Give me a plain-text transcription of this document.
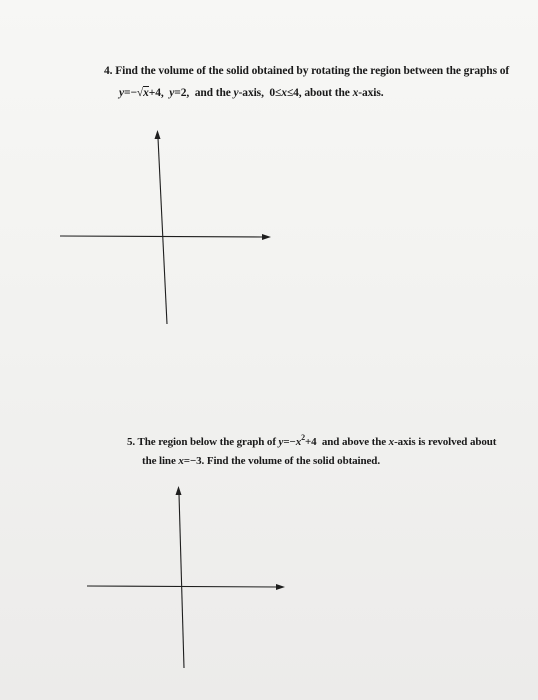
4. Find the volume of the solid obtained by rotating the region between the graphs of
y=−√x+4, y=2, and the y-axis, 0≤x≤4, about the x-axis.
5. The region below the graph of $y=-x^2+4$ and above the x-axis is revolved about
the line x=−3. Find the volume of the solid obtained.
